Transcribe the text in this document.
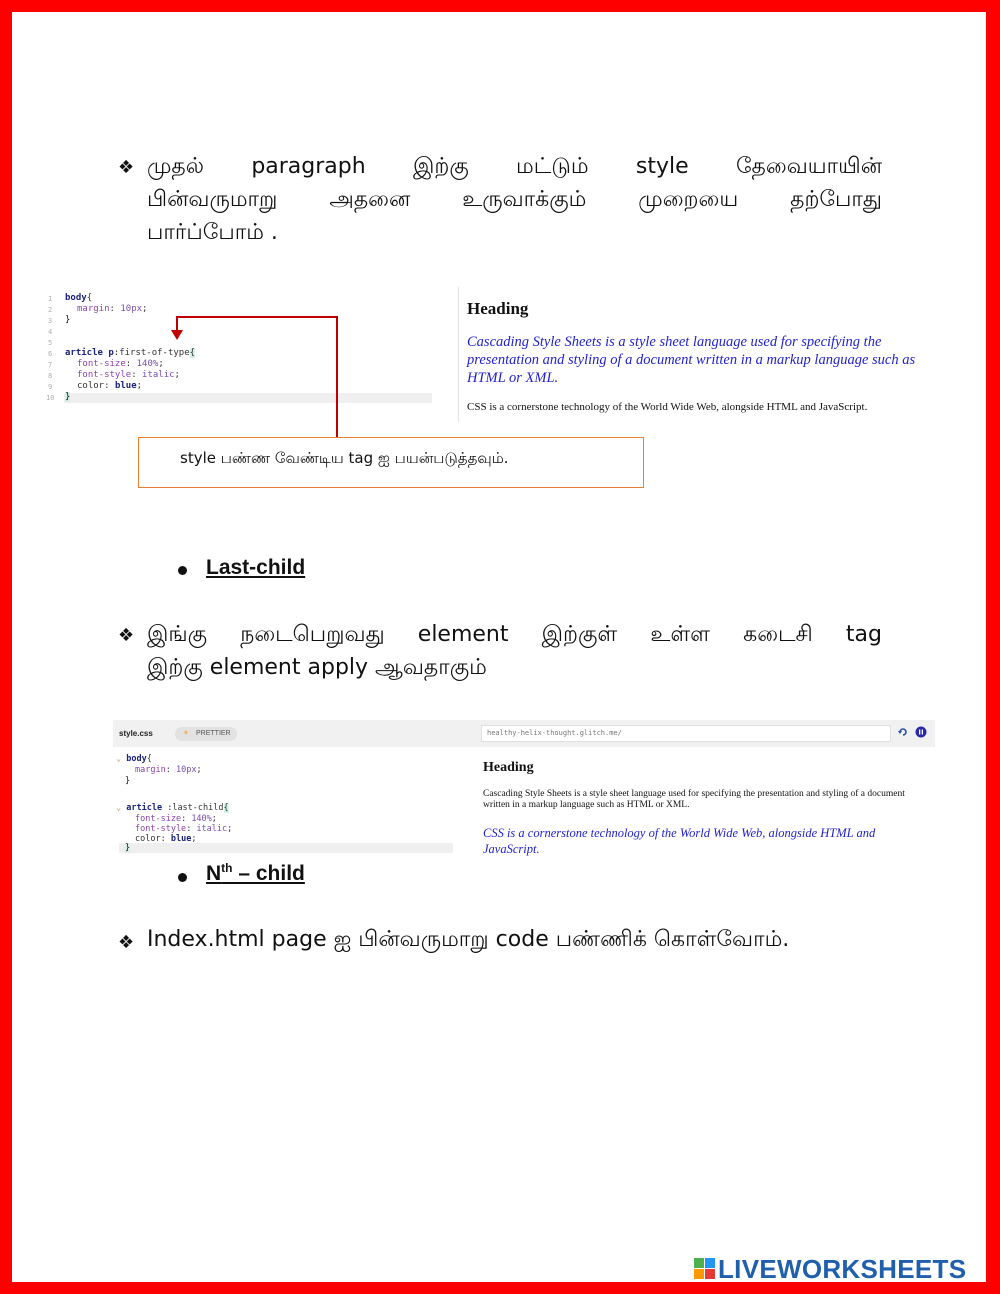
❖ முதல் paragraph இற்கு மட்டும் style தேவையாயின்
பின்வருமாறு அதனை உருவாக்கும் முறையை தற்போது
பார்ப்போம் .
1
2
3
4
5
6
7
8
9
10
body{
margin: 10px;
}
article p:first-of-type{
font-size: 140%;
font-style: italic;
color: blue;
}
Heading
Cascading Style Sheets is a style sheet language used for specifying the presentation and styling of a document written in a markup language such as HTML or XML.
CSS is a cornerstone technology of the World Wide Web, alongside HTML and JavaScript.
style பண்ண வேண்டிய tag ஐ பயன்படுத்தவும்.
Last-child
❖ இங்கு நடைபெறுவது element இற்குள் உள்ள கடைசி tag
இற்கு element apply ஆவதாகும்
style.css	✶ PRETTIER	healthy-helix-thought.glitch.me/
⌄ body{
margin: 10px;
}
⌄ article :last-child{
font-size: 140%;
font-style: italic;
color: blue;
}
Heading
Cascading Style Sheets is a style sheet language used for specifying the presentation and styling of a document written in a markup language such as HTML or XML.
CSS is a cornerstone technology of the World Wide Web, alongside HTML and JavaScript.
$N^{th}$ – child
❖ Index.html page ஐ பின்வருமாறு code பண்ணிக் கொள்வோம்.
LIVEWORKSHEETS
